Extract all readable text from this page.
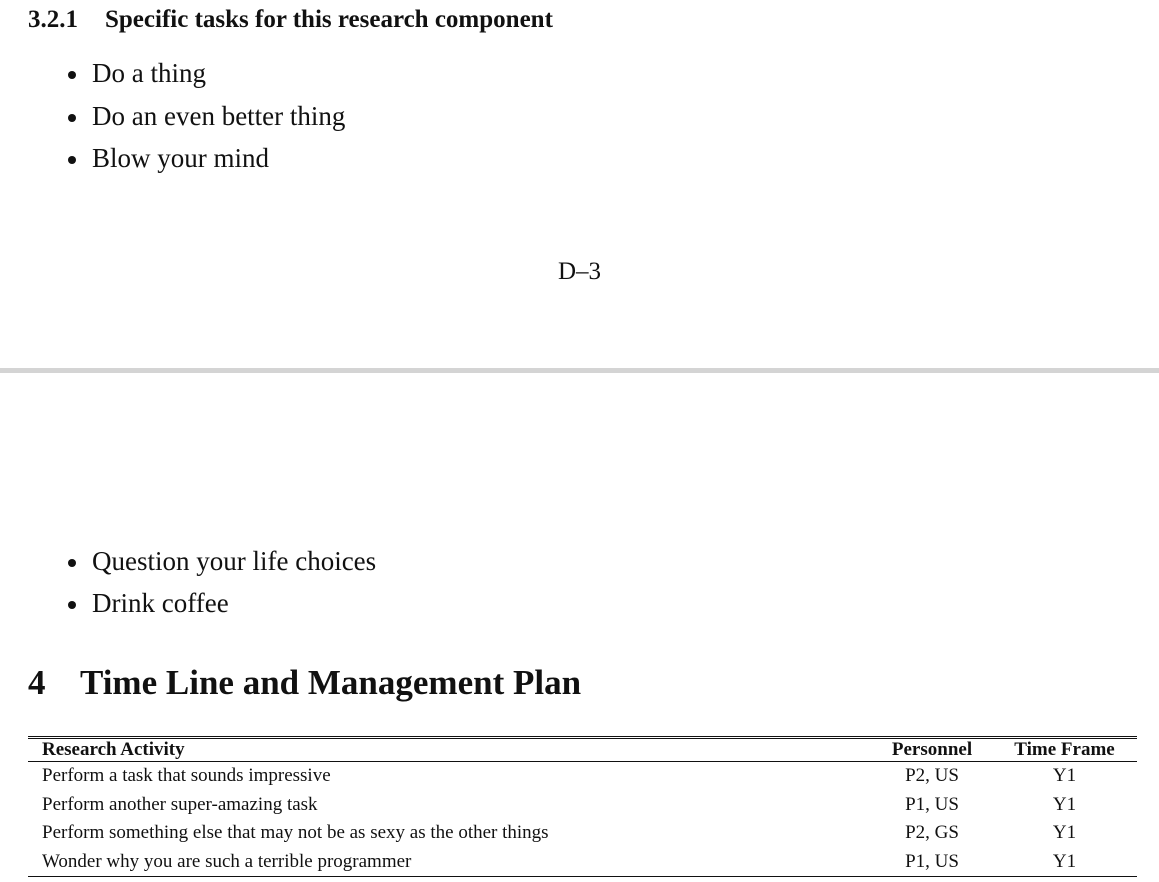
3.2.1 Specific tasks for this research component
Do a thing
Do an even better thing
Blow your mind
D–3
Question your life choices
Drink coffee
4 Time Line and Management Plan
Research Activity	Personnel	Time Frame
Perform a task that sounds impressive	P2, US	Y1
Perform another super-amazing task	P1, US	Y1
Perform something else that may not be as sexy as the other things	P2, GS	Y1
Wonder why you are such a terrible programmer	P1, US	Y1
